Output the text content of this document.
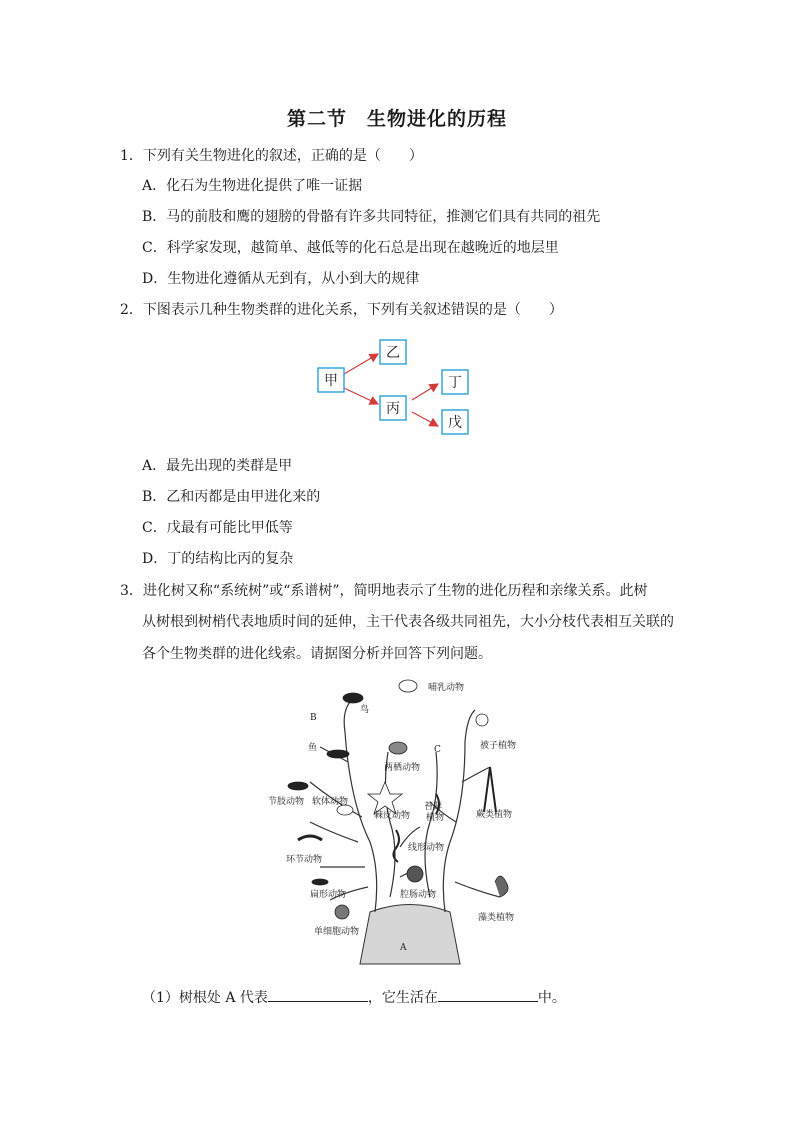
第二节　生物进化的历程
1．下列有关生物进化的叙述，正确的是（　　）
A．化石为生物进化提供了唯一证据
B．马的前肢和鹰的翅膀的骨骼有许多共同特征，推测它们具有共同的祖先
C．科学家发现，越简单、越低等的化石总是出现在越晚近的地层里
D．生物进化遵循从无到有，从小到大的规律
2．下图表示几种生物类群的进化关系，下列有关叙述错误的是（　　）
甲
乙
丙
丁
戊
A．最先出现的类群是甲
B．乙和丙都是由甲进化来的
C．戊最有可能比甲低等
D．丁的结构比丙的复杂
3．进化树又称“系统树”或“系谱树”，简明地表示了生物的进化历程和亲缘关系。此树
从树根到树梢代表地质时间的延伸，主干代表各级共同祖先，大小分枝代表相互关联的
各个生物类群的进化线索。请据图分析并回答下列问题。
哺乳动物
鸟
B
C
鱼
两栖动物
被子植物
节肢动物 软体动物
棘皮动物
苔藓
植物	蕨类植物
线形动物
环节动物
腔肠动物
扁形动物
单细胞动物
藻类植物
A
（1）树根处 A 代表	，它生活在	中。
